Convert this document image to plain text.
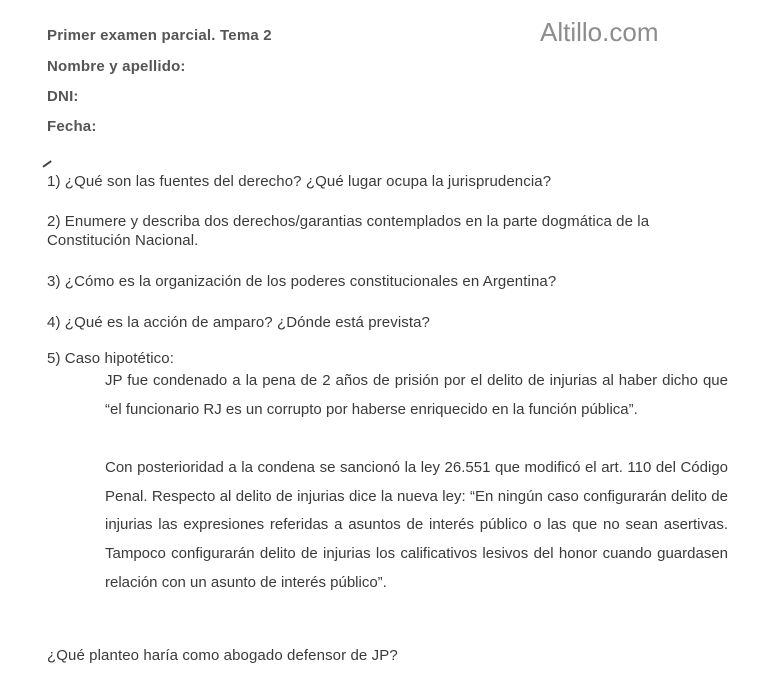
Primer examen parcial. Tema 2	Altillo.com

Nombre y apellido:

DNI:

Fecha:

1) ¿Qué son las fuentes del derecho? ¿Qué lugar ocupa la jurisprudencia?

2) Enumere y describa dos derechos/garantias contemplados en la parte dogmática de la Constitución Nacional.

3) ¿Cómo es la organización de los poderes constitucionales en Argentina?

4) ¿Qué es la acción de amparo? ¿Dónde está prevista?

5) Caso hipotético:

JP fue condenado a la pena de 2 años de prisión por el delito de injurias al haber dicho que “el funcionario RJ es un corrupto por haberse enriquecido en la función pública”.

Con posterioridad a la condena se sancionó la ley 26.551 que modificó el art. 110 del Código Penal. Respecto al delito de injurias dice la nueva ley: “En ningún caso configurarán delito de injurias las expresiones referidas a asuntos de interés público o las que no sean asertivas. Tampoco configurarán delito de injurias los calificativos lesivos del honor cuando guardasen relación con un asunto de interés público”.

¿Qué planteo haría como abogado defensor de JP?
